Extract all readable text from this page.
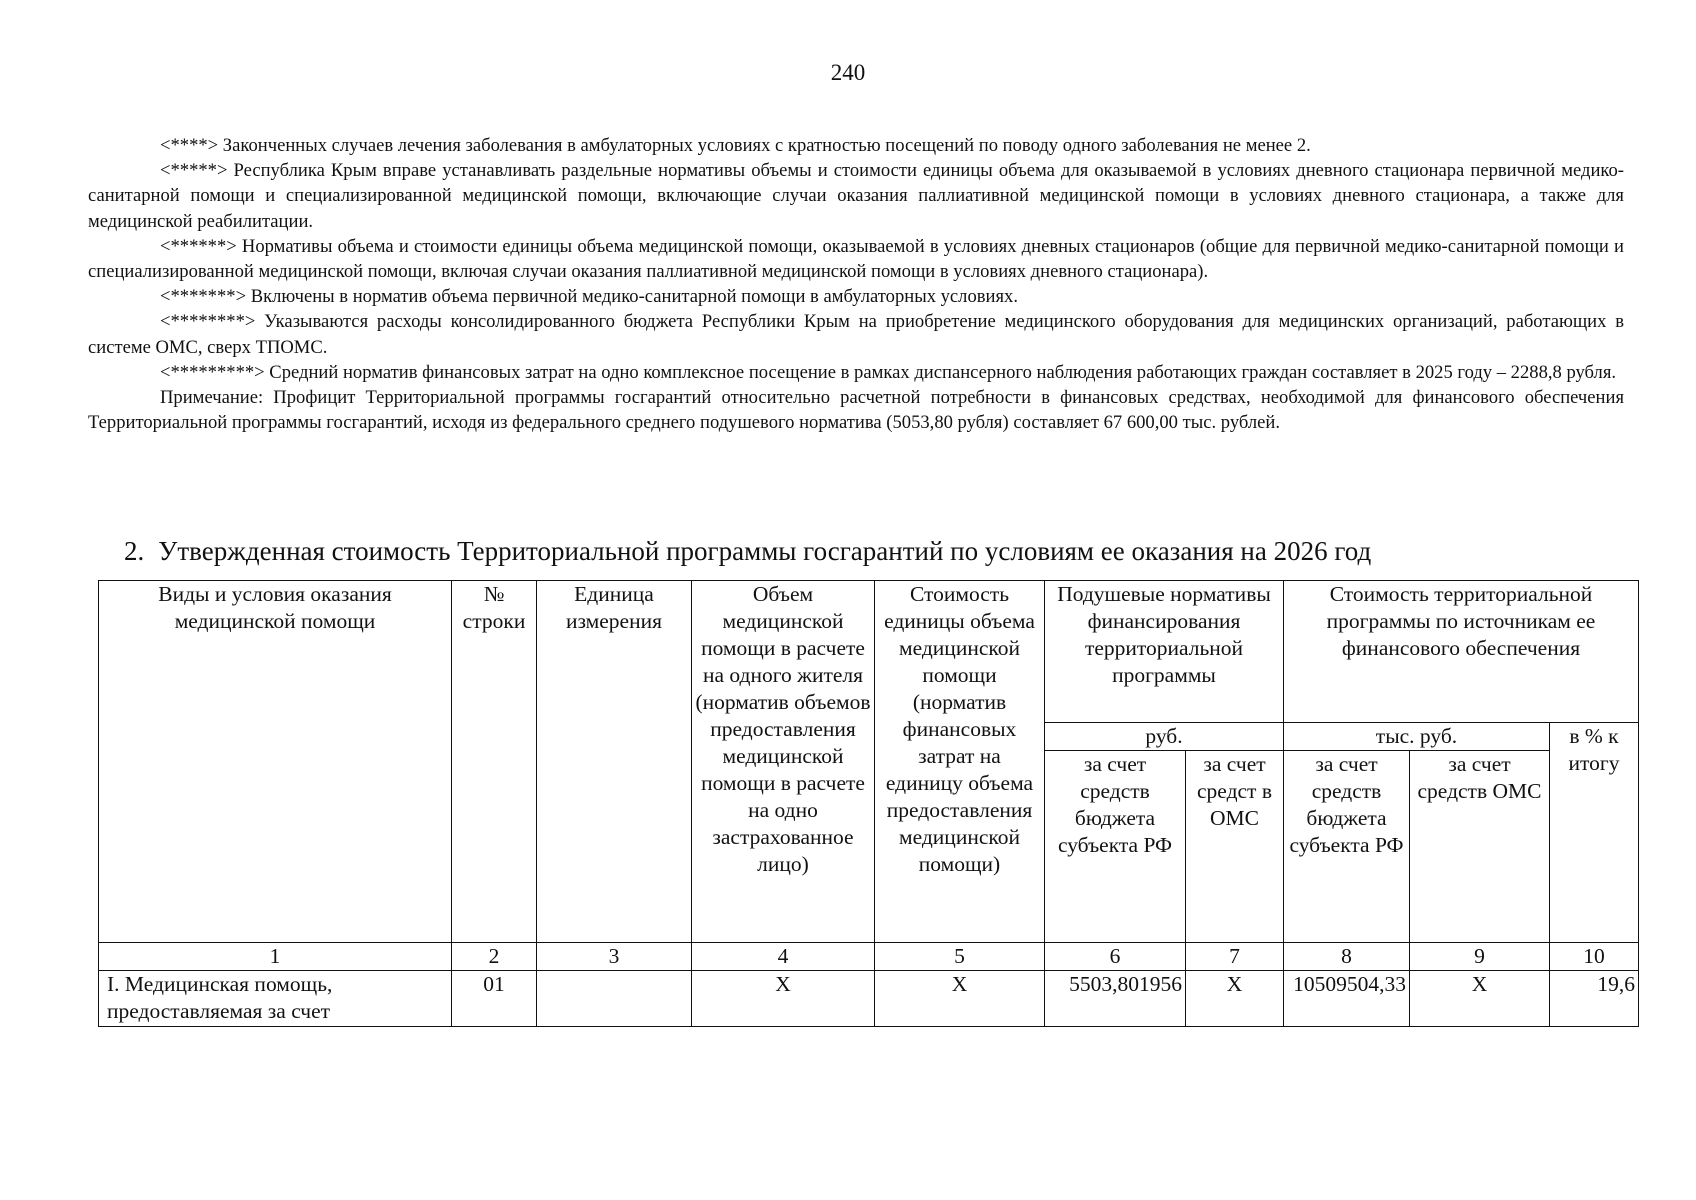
240

<****> Законченных случаев лечения заболевания в амбулаторных условиях с кратностью посещений по поводу одного заболевания не менее 2.

<*****> Республика Крым вправе устанавливать раздельные нормативы объемы и стоимости единицы объема для оказываемой в условиях дневного стационара первичной медико-санитарной помощи и специализированной медицинской помощи, включающие случаи оказания паллиативной медицинской помощи в условиях дневного стационара, а также для медицинской реабилитации.

<******> Нормативы объема и стоимости единицы объема медицинской помощи, оказываемой в условиях дневных стационаров (общие для первичной медико-санитарной помощи и специализированной медицинской помощи, включая случаи оказания паллиативной медицинской помощи в условиях дневного стационара).

<*******> Включены в норматив объема первичной медико-санитарной помощи в амбулаторных условиях.

<********> Указываются расходы консолидированного бюджета Республики Крым на приобретение медицинского оборудования для медицинских организаций, работающих в системе ОМС, сверх ТПОМС.

<*********> Средний норматив финансовых затрат на одно комплексное посещение в рамках диспансерного наблюдения работающих граждан составляет в 2025 году – 2288,8 рубля.

Примечание: Профицит Территориальной программы госгарантий относительно расчетной потребности в финансовых средствах, необходимой для финансового обеспечения Территориальной программы госгарантий, исходя из федерального среднего подушевого норматива (5053,80 рубля) составляет 67 600,00 тыс. рублей.

2. Утвержденная стоимость Территориальной программы госгарантий по условиям ее оказания на 2026 год
Виды и условия оказания медицинской помощи	№ строки	Единица измерения	Объем медицинской помощи в расчете на одного жителя (норматив объемов предоставления медицинской помощи в расчете на одно застрахованное лицо)	Стоимость единицы объема медицинской помощи (норматив финансовых затрат на единицу объема предоставления медицинской помощи)	Подушевые нормативы финансирования территориальной программы		Стоимость территориальной программы по источникам ее финансового обеспечения		
					руб.		тыс. руб.		в % к итогу
					за счет средств бюджета субъекта РФ	за счет средст в ОМС	за счет средств бюджета субъекта РФ	за счет средств ОМС	
1	2	3	4	5	6	7	8	9	10
I. Медицинская помощь, предоставляемая за счет	01		Х	Х	5503,801956	Х	10509504,33	Х	19,6
